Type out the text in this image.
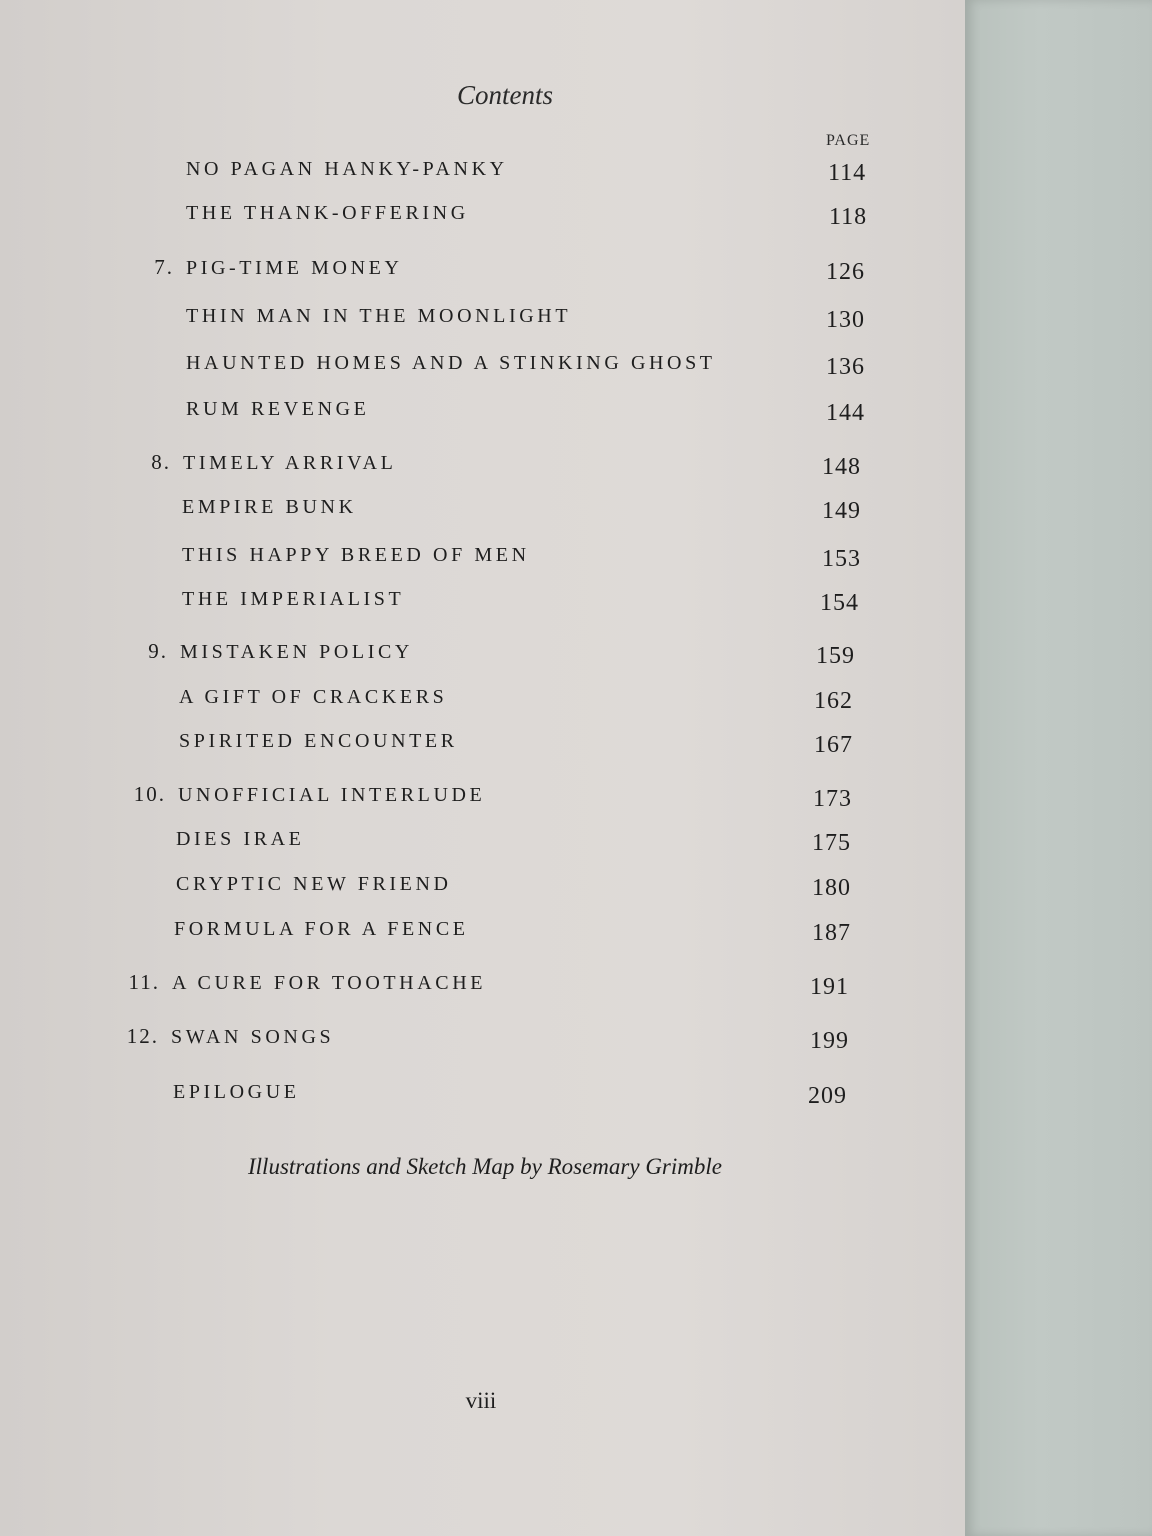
Contents
PAGE
NO PAGAN HANKY-PANKY	114
THE THANK-OFFERING	118
7. PIG-TIME MONEY	126
THIN MAN IN THE MOONLIGHT	130
HAUNTED HOMES AND A STINKING GHOST	136
RUM REVENGE	144
8. TIMELY ARRIVAL	148
EMPIRE BUNK	149
THIS HAPPY BREED OF MEN	153
THE IMPERIALIST	154
9. MISTAKEN POLICY	159
A GIFT OF CRACKERS	162
SPIRITED ENCOUNTER	167
10. UNOFFICIAL INTERLUDE	173
DIES IRAE	175
CRYPTIC NEW FRIEND	180
FORMULA FOR A FENCE	187
11. A CURE FOR TOOTHACHE	191
12. SWAN SONGS	199
EPILOGUE	209
Illustrations and Sketch Map by Rosemary Grimble
viii
